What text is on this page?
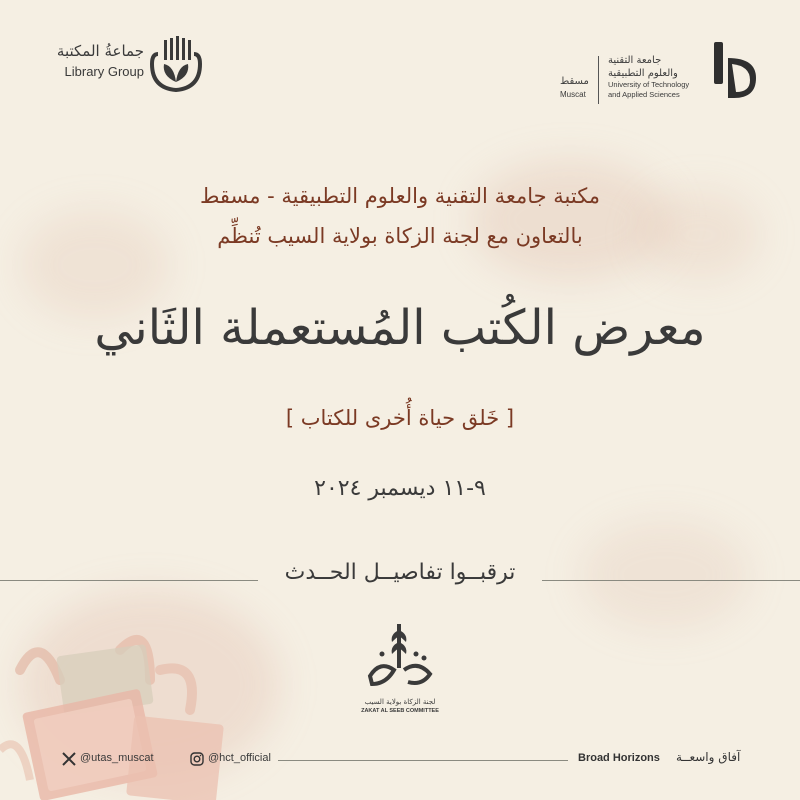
جماعةُ المكتبة
Library Group
مسقط
Muscat
جامعة التقنية
والعلوم التطبيقية
University of Technology
and Applied Sciences
مكتبة جامعة التقنية والعلوم التطبيقية - مسقط
بالتعاون مع لجنة الزكاة بولاية السيب تُنظِّم
معرض الكُتب المُستعملة الثَاني
[ خَلق حياة أُخرى للكتاب ]
٩-١١ ديسمبر ٢٠٢٤
ترقبــوا تفاصيــل الحــدث
لجنة الزكاة بولاية السيب
ZAKAT AL SEEB COMMITTEE
@utas_muscat	@hct_official	Broad Horizons آفاق واسعــة
